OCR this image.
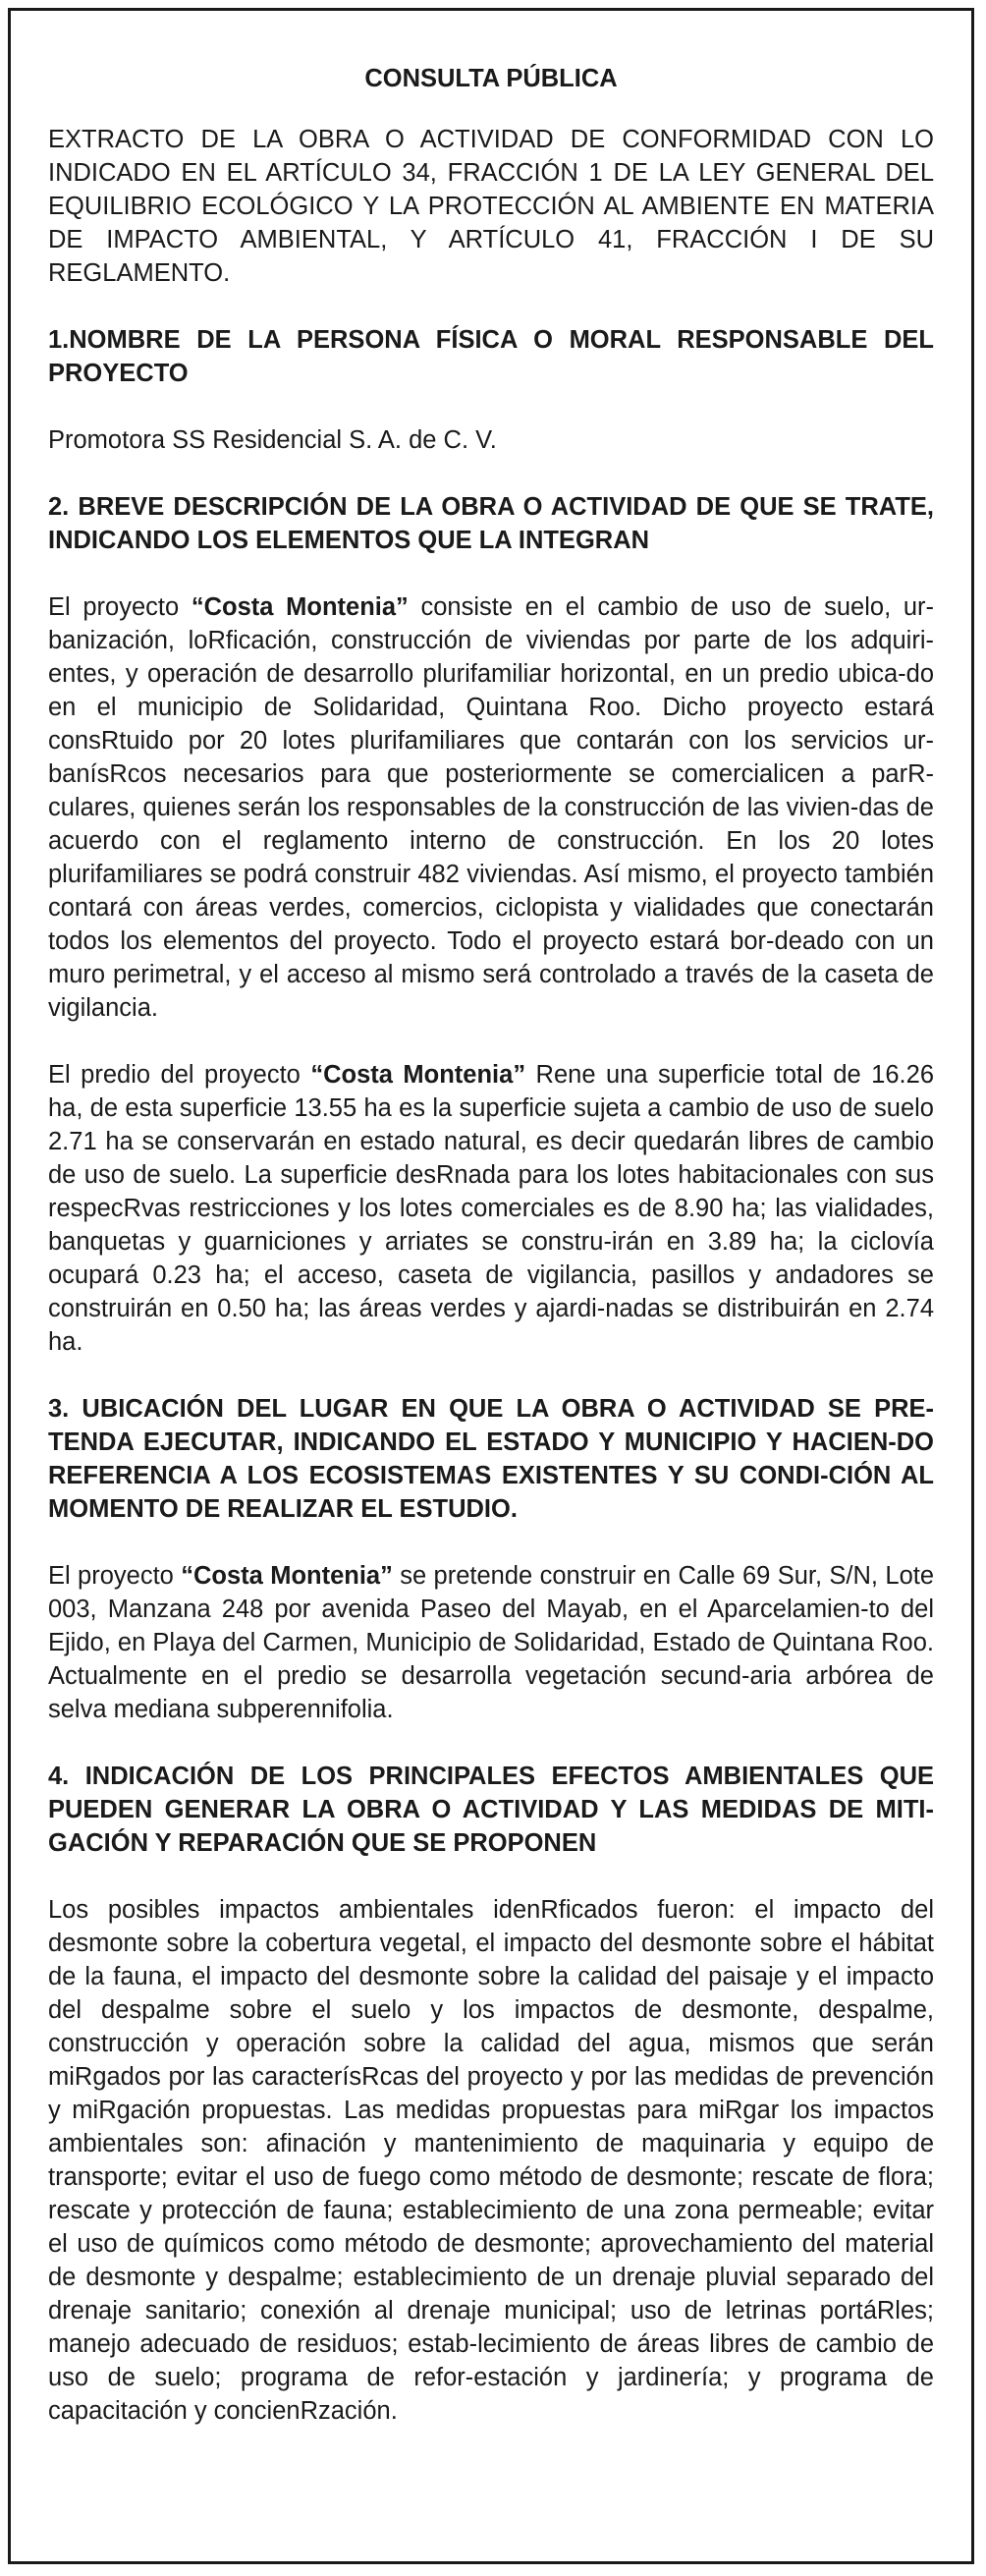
CONSULTA PÚBLICA
EXTRACTO DE LA OBRA O ACTIVIDAD DE CONFORMIDAD CON LO INDICADO EN EL ARTÍCULO 34, FRACCIÓN 1 DE LA LEY GENERAL DEL EQUILIBRIO ECOLÓGICO Y LA PROTECCIÓN AL AMBIENTE EN MATERIA DE IMPACTO AMBIENTAL, Y ARTÍCULO 41, FRACCIÓN I DE SU REGLAMENTO.
1.NOMBRE DE LA PERSONA FÍSICA O MORAL RESPONSABLE DEL PROYECTO
Promotora SS Residencial S. A. de C. V.
2. BREVE DESCRIPCIÓN DE LA OBRA O ACTIVIDAD DE QUE SE TRATE, INDICANDO LOS ELEMENTOS QUE LA INTEGRAN
El proyecto “Costa Montenia” consiste en el cambio de uso de suelo, ur-banización, loRficación, construcción de viviendas por parte de los adquiri-entes, y operación de desarrollo plurifamiliar horizontal, en un predio ubica-do en el municipio de Solidaridad, Quintana Roo. Dicho proyecto estará consRtuido por 20 lotes plurifamiliares que contarán con los servicios ur-banísRcos necesarios para que posteriormente se comercialicen a parR-culares, quienes serán los responsables de la construcción de las vivien-das de acuerdo con el reglamento interno de construcción. En los 20 lotes plurifamiliares se podrá construir 482 viviendas. Así mismo, el proyecto también contará con áreas verdes, comercios, ciclopista y vialidades que conectarán todos los elementos del proyecto. Todo el proyecto estará bor-deado con un muro perimetral, y el acceso al mismo será controlado a través de la caseta de vigilancia.
El predio del proyecto “Costa Montenia” Rene una superficie total de 16.26 ha, de esta superficie 13.55 ha es la superficie sujeta a cambio de uso de suelo 2.71 ha se conservarán en estado natural, es decir quedarán libres de cambio de uso de suelo. La superficie desRnada para los lotes habitacionales con sus respecRvas restricciones y los lotes comerciales es de 8.90 ha; las vialidades, banquetas y guarniciones y arriates se constru-irán en 3.89 ha; la ciclovía ocupará 0.23 ha; el acceso, caseta de vigilancia, pasillos y andadores se construirán en 0.50 ha; las áreas verdes y ajardi-nadas se distribuirán en 2.74 ha.
3. UBICACIÓN DEL LUGAR EN QUE LA OBRA O ACTIVIDAD SE PRE-TENDA EJECUTAR, INDICANDO EL ESTADO Y MUNICIPIO Y HACIEN-DO REFERENCIA A LOS ECOSISTEMAS EXISTENTES Y SU CONDI-CIÓN AL MOMENTO DE REALIZAR EL ESTUDIO.
El proyecto “Costa Montenia” se pretende construir en Calle 69 Sur, S/N, Lote 003, Manzana 248 por avenida Paseo del Mayab, en el Aparcelamien-to del Ejido, en Playa del Carmen, Municipio de Solidaridad, Estado de Quintana Roo. Actualmente en el predio se desarrolla vegetación secund-aria arbórea de selva mediana subperennifolia.
4. INDICACIÓN DE LOS PRINCIPALES EFECTOS AMBIENTALES QUE PUEDEN GENERAR LA OBRA O ACTIVIDAD Y LAS MEDIDAS DE MITI-GACIÓN Y REPARACIÓN QUE SE PROPONEN
Los posibles impactos ambientales idenRficados fueron: el impacto del desmonte sobre la cobertura vegetal, el impacto del desmonte sobre el hábitat de la fauna, el impacto del desmonte sobre la calidad del paisaje y el impacto del despalme sobre el suelo y los impactos de desmonte, despalme, construcción y operación sobre la calidad del agua, mismos que serán miRgados por las caracterísRcas del proyecto y por las medidas de prevención y miRgación propuestas. Las medidas propuestas para miRgar los impactos ambientales son: afinación y mantenimiento de maquinaria y equipo de transporte; evitar el uso de fuego como método de desmonte; rescate de flora; rescate y protección de fauna; establecimiento de una zona permeable; evitar el uso de químicos como método de desmonte; aprovechamiento del material de desmonte y despalme; establecimiento de un drenaje pluvial separado del drenaje sanitario; conexión al drenaje municipal; uso de letrinas portáRles; manejo adecuado de residuos; estab-lecimiento de áreas libres de cambio de uso de suelo; programa de refor-estación y jardinería; y programa de capacitación y concienRzación.
